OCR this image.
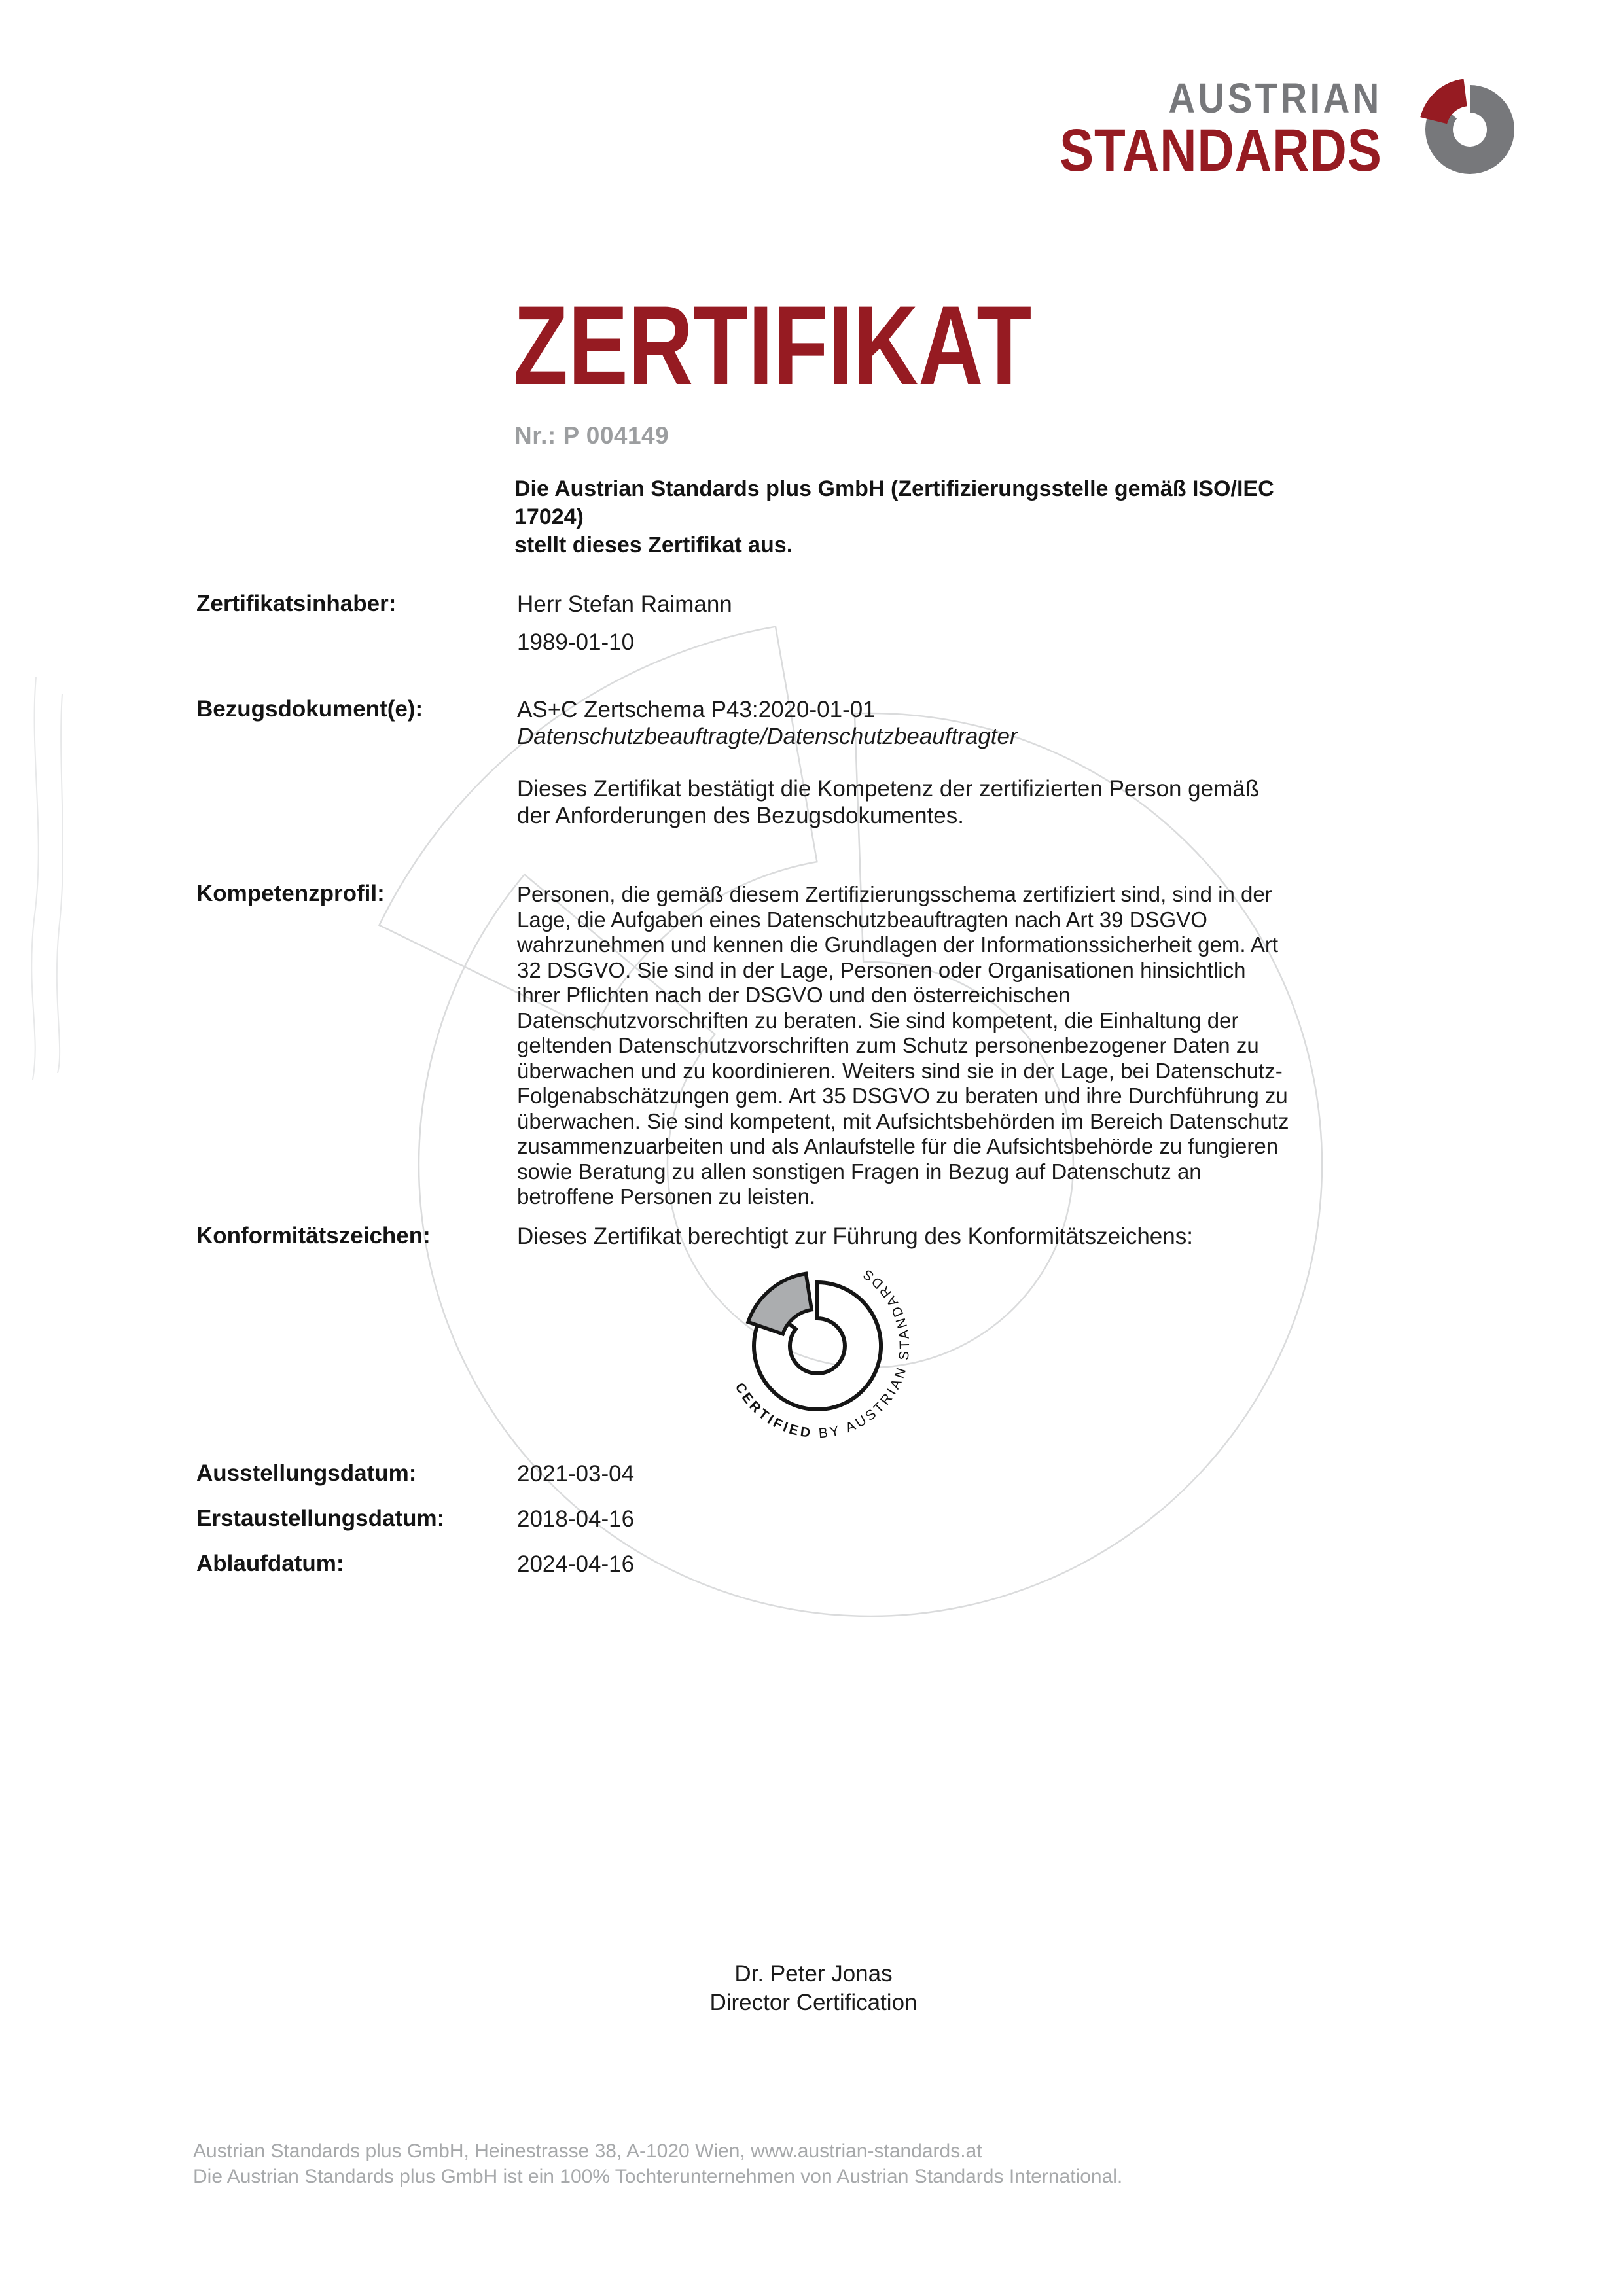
AUSTRIAN
STANDARDS
ZERTIFIKAT
Nr.: P 004149
Die Austrian Standards plus GmbH (Zertifizierungsstelle gemäß ISO/IEC 17024)
stellt dieses Zertifikat aus.
Zertifikatsinhaber:	Herr Stefan Raimann
1989-01-10
Bezugsdokument(e):	AS+C Zertschema P43:2020-01-01 Datenschutzbeauftragte/Datenschutzbeauftragter
Dieses Zertifikat bestätigt die Kompetenz der zertifizierten Person gemäß der Anforderungen des Bezugsdokumentes.
Kompetenzprofil:	Personen, die gemäß diesem Zertifizierungsschema zertifiziert sind, sind in der Lage, die Aufgaben eines Datenschutzbeauftragten nach Art 39 DSGVO wahrzunehmen und kennen die Grundlagen der Informationssicherheit gem. Art 32 DSGVO. Sie sind in der Lage, Personen oder Organisationen hinsichtlich ihrer Pflichten nach der DSGVO und den österreichischen Datenschutzvorschriften zu beraten. Sie sind kompetent, die Einhaltung der geltenden Datenschutzvorschriften zum Schutz personenbezogener Daten zu überwachen und zu koordinieren. Weiters sind sie in der Lage, bei Datenschutz-Folgenabschätzungen gem. Art 35 DSGVO zu beraten und ihre Durchführung zu überwachen. Sie sind kompetent, mit Aufsichtsbehörden im Bereich Datenschutz zusammenzuarbeiten und als Anlaufstelle für die Aufsichtsbehörde zu fungieren sowie Beratung zu allen sonstigen Fragen in Bezug auf Datenschutz an betroffene Personen zu leisten.
Konformitätszeichen:	Dieses Zertifikat berechtigt zur Führung des Konformitätszeichens:
CERTIFIED BY AUSTRIAN STANDARDS
Ausstellungsdatum:	2021-03-04
Erstaustellungsdatum:	2018-04-16
Ablaufdatum:	2024-04-16
Dr. Peter Jonas
Director Certification
Austrian Standards plus GmbH, Heinestrasse 38, A-1020 Wien, www.austrian-standards.at
Die Austrian Standards plus GmbH ist ein 100% Tochterunternehmen von Austrian Standards International.
